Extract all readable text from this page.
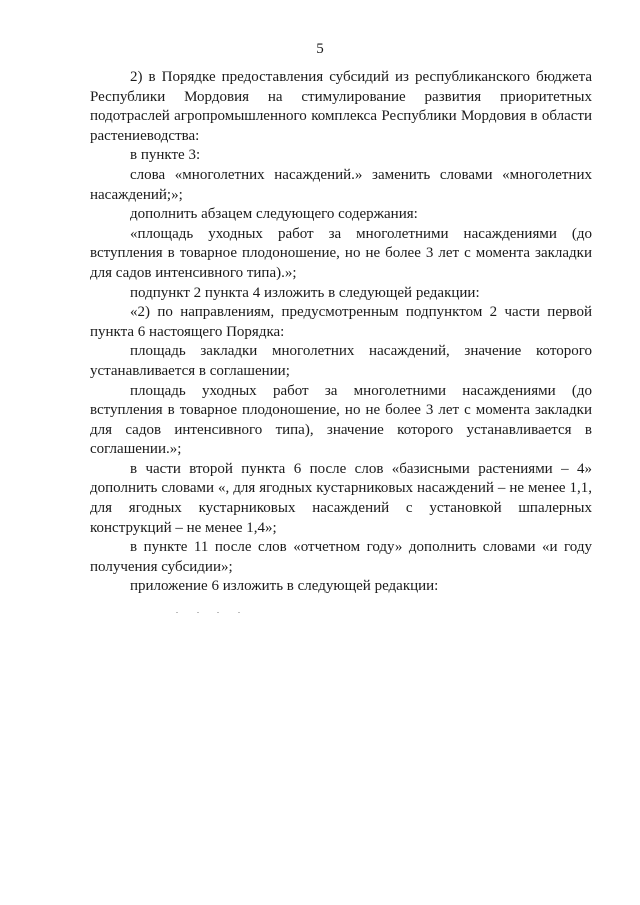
5

2) в Порядке предоставления субсидий из республиканского бюджета Республики Мордовия на стимулирование развития приоритетных подотраслей агропромышленного комплекса Республики Мордовия в области растениеводства:

в пункте 3:

слова «многолетних насаждений.» заменить словами «многолетних насаждений;»;

дополнить абзацем следующего содержания:

«площадь уходных работ за многолетними насаждениями (до вступления в товарное плодоношение, но не более 3 лет с момента закладки для садов интенсивного типа).»;

подпункт 2 пункта 4 изложить в следующей редакции:

«2) по направлениям, предусмотренным подпунктом 2 части первой пункта 6 настоящего Порядка:

площадь закладки многолетних насаждений, значение которого устанавливается в соглашении;

площадь уходных работ за многолетними насаждениями (до вступления в товарное плодоношение, но не более 3 лет с момента закладки для садов интенсивного типа), значение которого устанавливается в соглашении.»;

в части второй пункта 6 после слов «базисными растениями – 4» дополнить словами «, для ягодных кустарниковых насаждений – не менее 1,1, для ягодных кустарниковых насаждений с установкой шпалерных конструкций – не менее 1,4»;

в пункте 11 после слов «отчетном году» дополнить словами «и году получения субсидии»;

приложение 6 изложить в следующей редакции:
